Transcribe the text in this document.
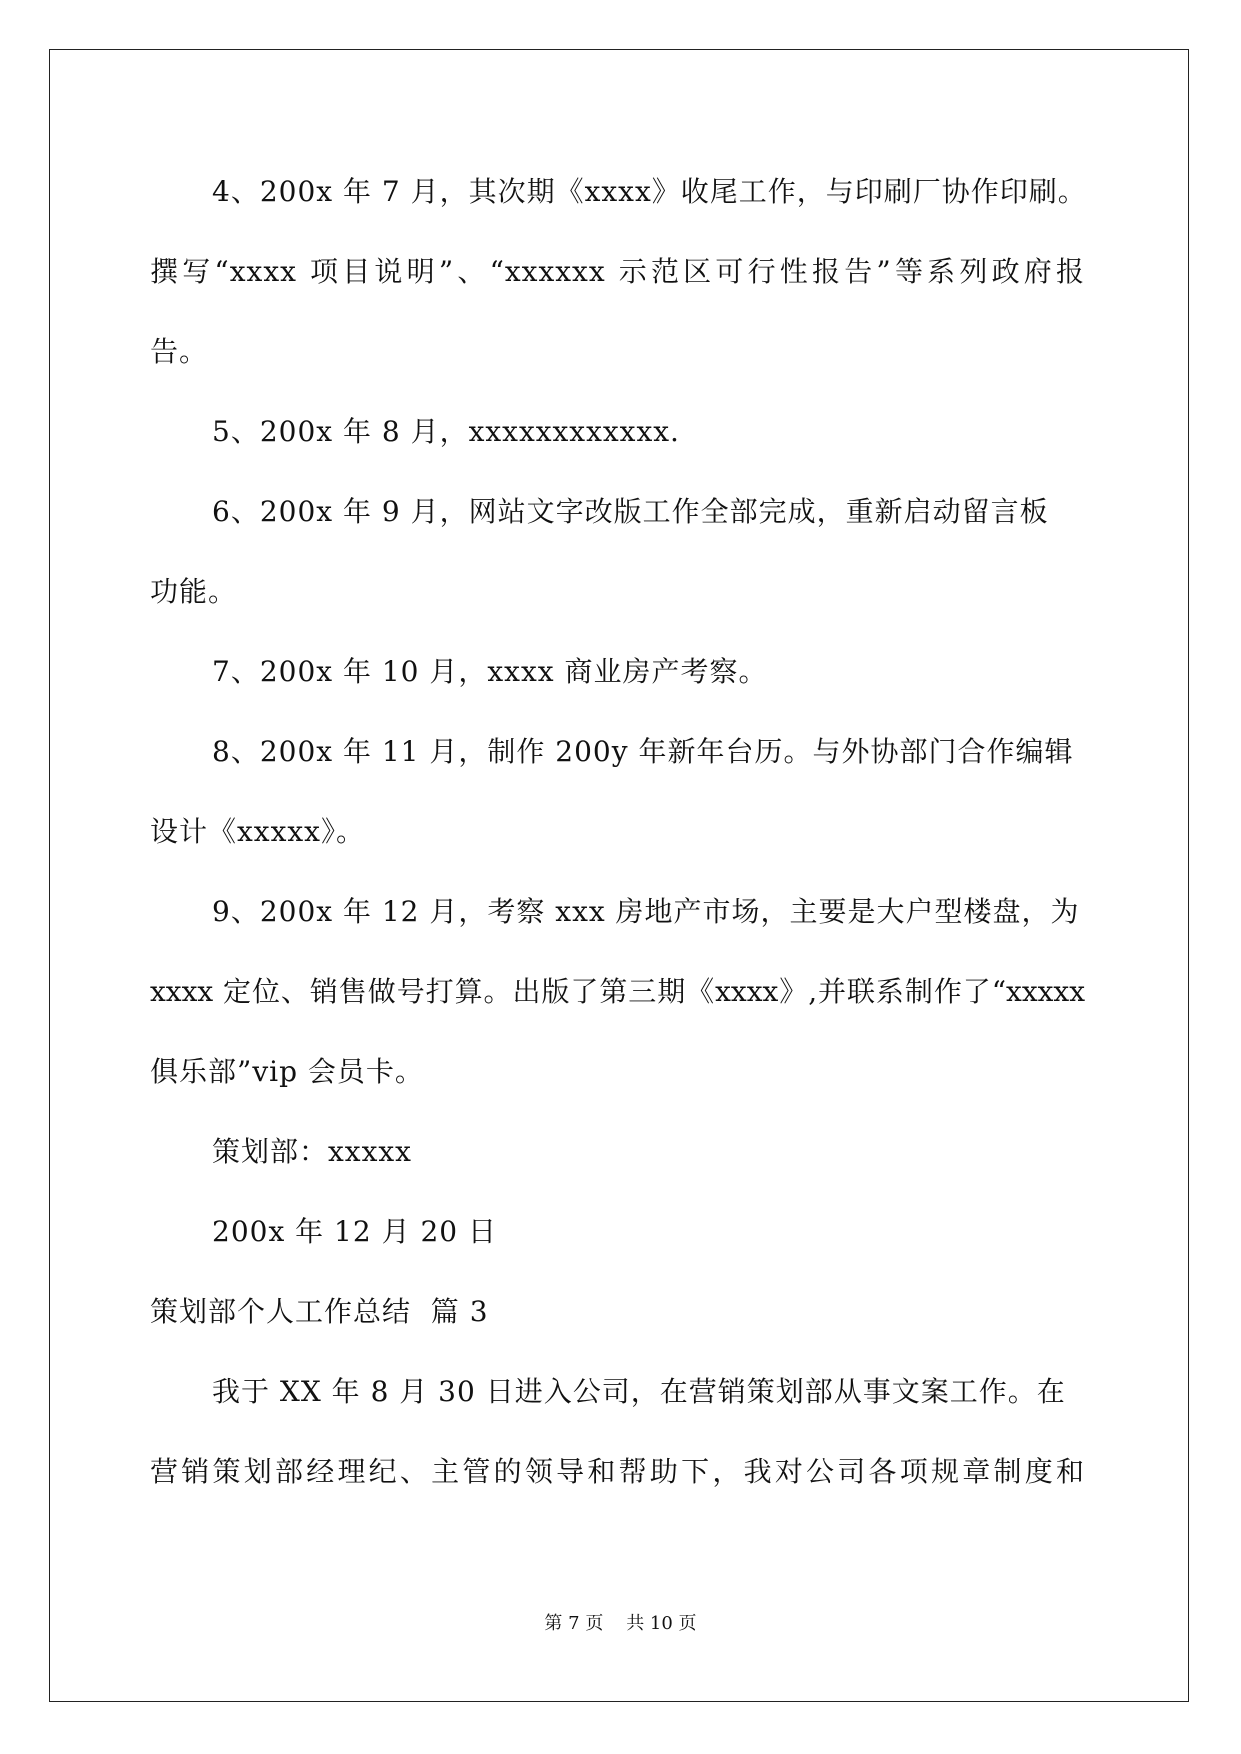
4、200x 年 7 月，其次期《xxxx》收尾工作，与印刷厂协作印刷。
撰写“xxxx 项目说明”、“xxxxxx 示范区可行性报告”等系列政府报
告。
5、200x 年 8 月，xxxxxxxxxxxx.
6、200x 年 9 月，网站文字改版工作全部完成，重新启动留言板
功能。
7、200x 年 10 月，xxxx 商业房产考察。
8、200x 年 11 月，制作 200y 年新年台历。与外协部门合作编辑
设计《xxxxx》。
9、200x 年 12 月，考察 xxx 房地产市场，主要是大户型楼盘，为
xxxx 定位、销售做号打算。出版了第三期《xxxx》,并联系制作了“xxxxx
俱乐部”vip 会员卡。
策划部：xxxxx
200x 年 12 月 20 日
策划部个人工作总结  篇 3
我于 XX 年 8 月 30 日进入公司，在营销策划部从事文案工作。在
营销策划部经理纪、主管的领导和帮助下，我对公司各项规章制度和
第 7 页    共 10 页
